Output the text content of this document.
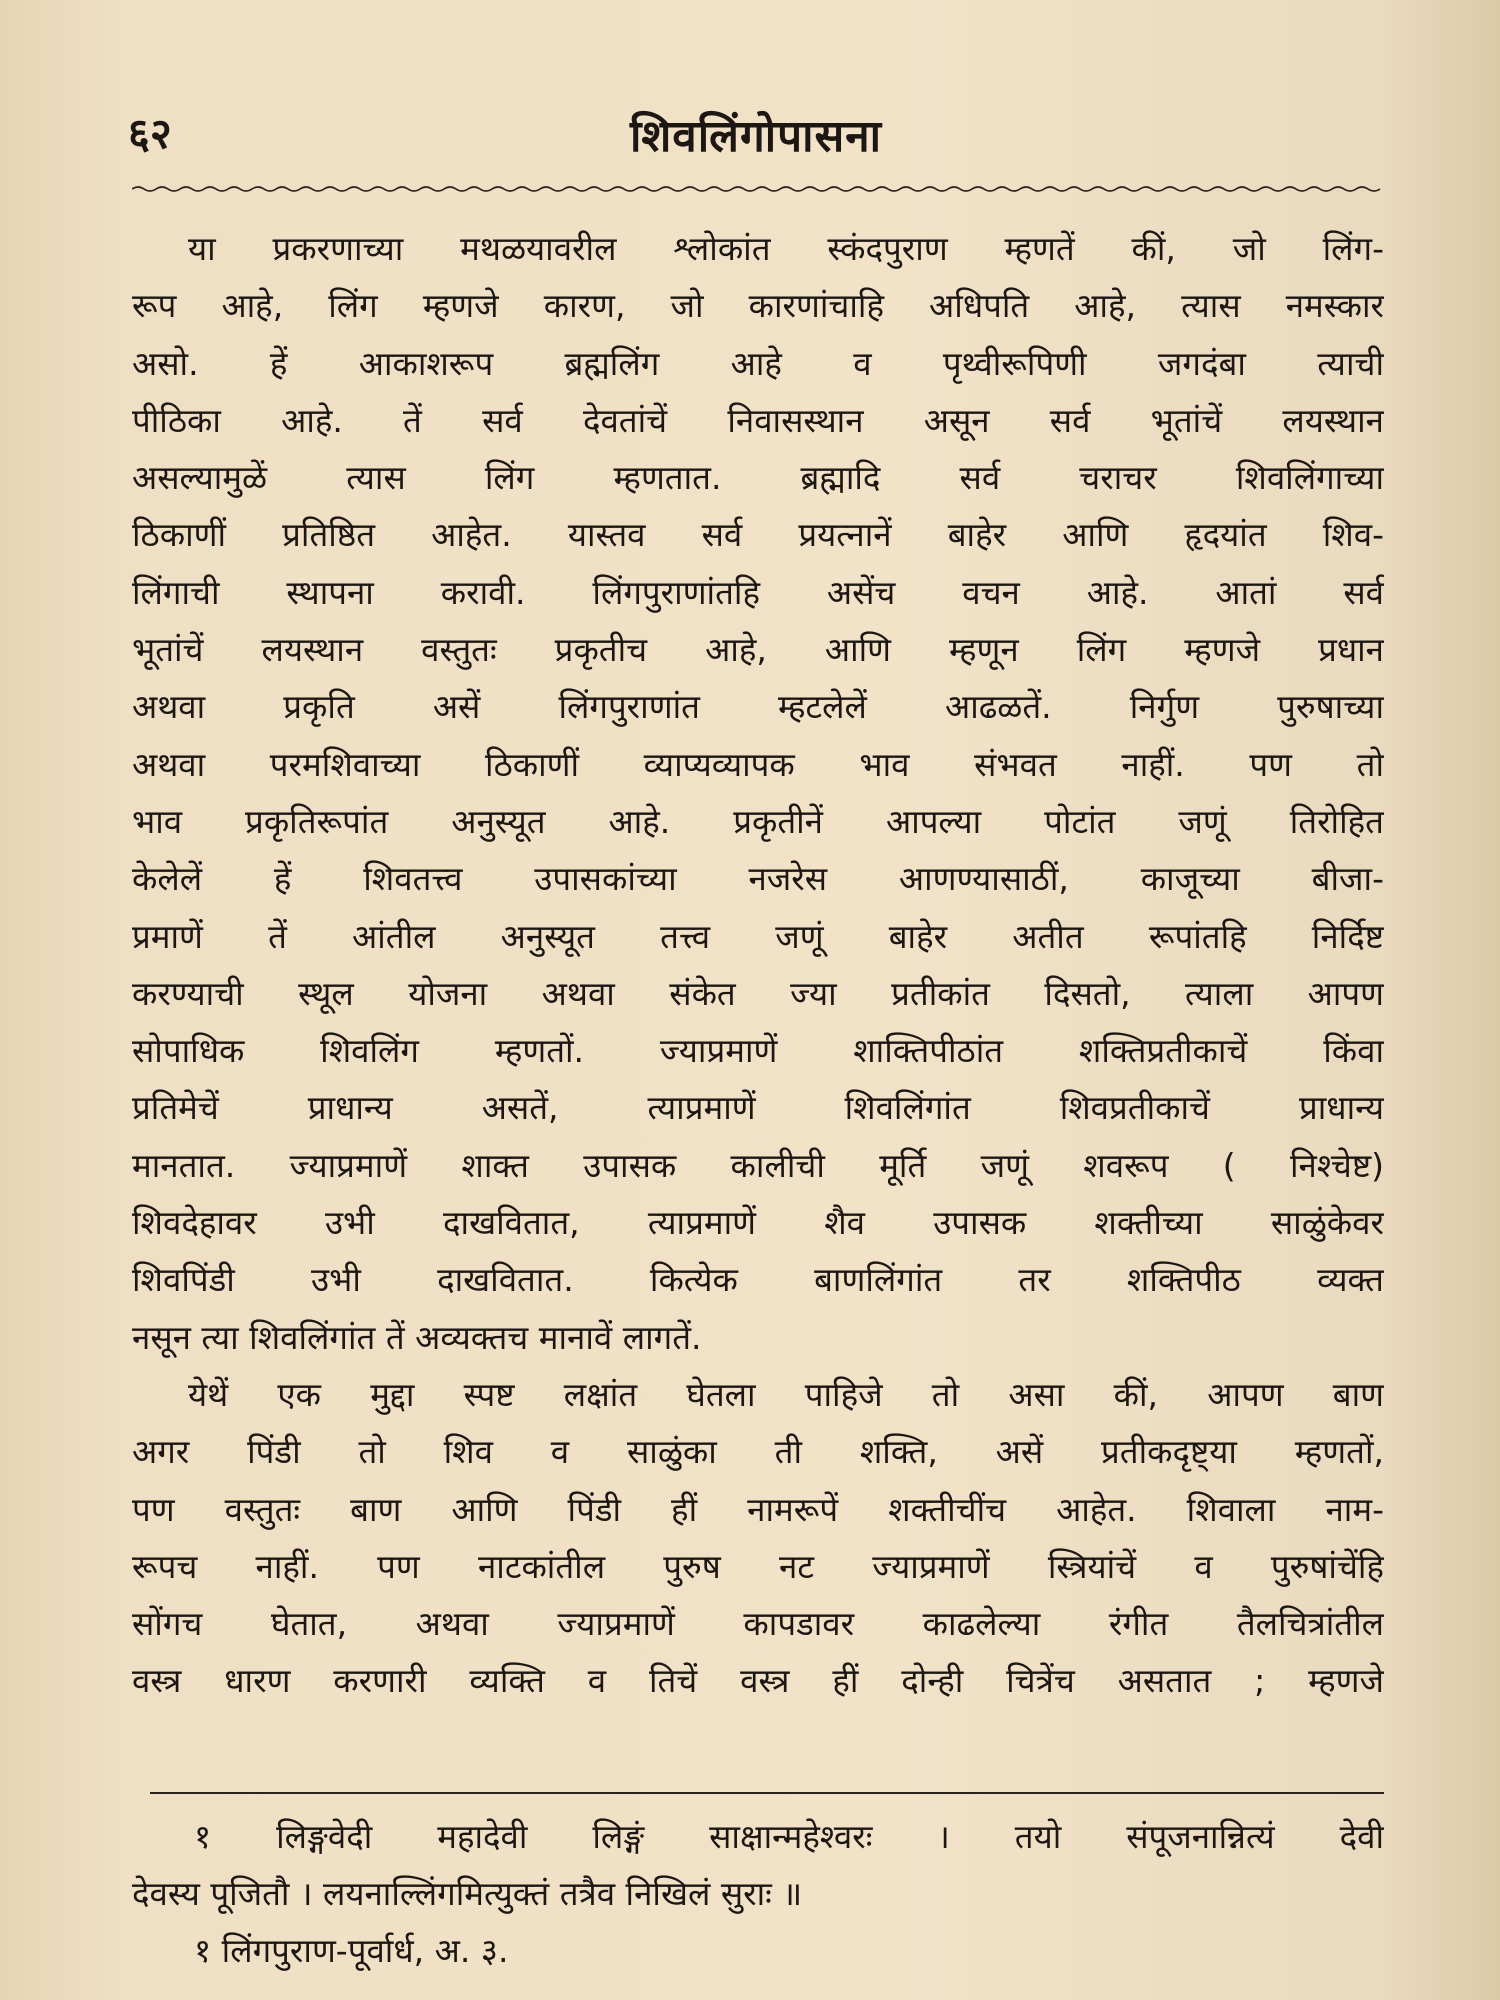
६२	शिवलिंगोपासना
या प्रकरणाच्या मथळयावरील श्लोकांत स्कंदपुराण म्हणतें कीं, जो लिंग-
रूप आहे, लिंग म्हणजे कारण, जो कारणांचाहि अधिपति आहे, त्यास नमस्कार
असो. हें आकाशरूप ब्रह्मलिंग आहे व पृथ्वीरूपिणी जगदंबा त्याची
पीठिका आहे. तें सर्व देवतांचें निवासस्थान असून सर्व भूतांचें लयस्थान
असल्यामुळें त्यास लिंग म्हणतात. ब्रह्मादि सर्व चराचर शिवलिंगाच्या
ठिकाणीं प्रतिष्ठित आहेत. यास्तव सर्व प्रयत्नानें बाहेर आणि हृदयांत शिव-
लिंगाची स्थापना करावी. लिंगपुराणांतहि असेंच वचन आहे. आतां सर्व
भूतांचें लयस्थान वस्तुतः प्रकृतीच आहे, आणि म्हणून लिंग म्हणजे प्रधान
अथवा प्रकृति असें लिंगपुराणांत म्हटलेलें आढळतें. निर्गुण पुरुषाच्या
अथवा परमशिवाच्या ठिकाणीं व्याप्यव्यापक भाव संभवत नाहीं. पण तो
भाव प्रकृतिरूपांत अनुस्यूत आहे. प्रकृतीनें आपल्या पोटांत जणूं तिरोहित
केलेलें हें शिवतत्त्व उपासकांच्या नजरेस आणण्यासाठीं, काजूच्या बीजा-
प्रमाणें तें आंतील अनुस्यूत तत्त्व जणूं बाहेर अतीत रूपांतहि निर्दिष्ट
करण्याची स्थूल योजना अथवा संकेत ज्या प्रतीकांत दिसतो, त्याला आपण
सोपाधिक शिवलिंग म्हणतों. ज्याप्रमाणें शाक्तिपीठांत शक्तिप्रतीकाचें किंवा
प्रतिमेचें प्राधान्य असतें, त्याप्रमाणें शिवलिंगांत शिवप्रतीकाचें प्राधान्य
मानतात. ज्याप्रमाणें शाक्त उपासक कालीची मूर्ति जणूं शवरूप ( निश्चेष्ट)
शिवदेहावर उभी दाखवितात, त्याप्रमाणें शैव उपासक शक्तीच्या साळुंकेवर
शिवपिंडी उभी दाखवितात. कित्येक बाणलिंगांत तर शक्तिपीठ व्यक्त
नसून त्या शिवलिंगांत तें अव्यक्तच मानावें लागतें.
येथें एक मुद्दा स्पष्ट लक्षांत घेतला पाहिजे तो असा कीं, आपण बाण
अगर पिंडी तो शिव व साळुंका ती शक्ति, असें प्रतीकदृष्ट्या म्हणतों,
पण वस्तुतः बाण आणि पिंडी हीं नामरूपें शक्तीचींच आहेत. शिवाला नाम-
रूपच नाहीं. पण नाटकांतील पुरुष नट ज्याप्रमाणें स्त्रियांचें व पुरुषांचेंहि
सोंगच घेतात, अथवा ज्याप्रमाणें कापडावर काढलेल्या रंगीत तैलचित्रांतील
वस्त्र धारण करणारी व्यक्ति व तिचें वस्त्र हीं दोन्ही चित्रेंच असतात ; म्हणजे
१ लिङ्गवेदी महादेवी लिङ्गं साक्षान्महेश्वरः । तयो संपूजनान्नित्यं देवी
देवस्य पूजितौ । लयनाल्लिंगमित्युक्तं तत्रैव निखिलं सुराः ॥
१ लिंगपुराण-पूर्वार्ध, अ. ३.
